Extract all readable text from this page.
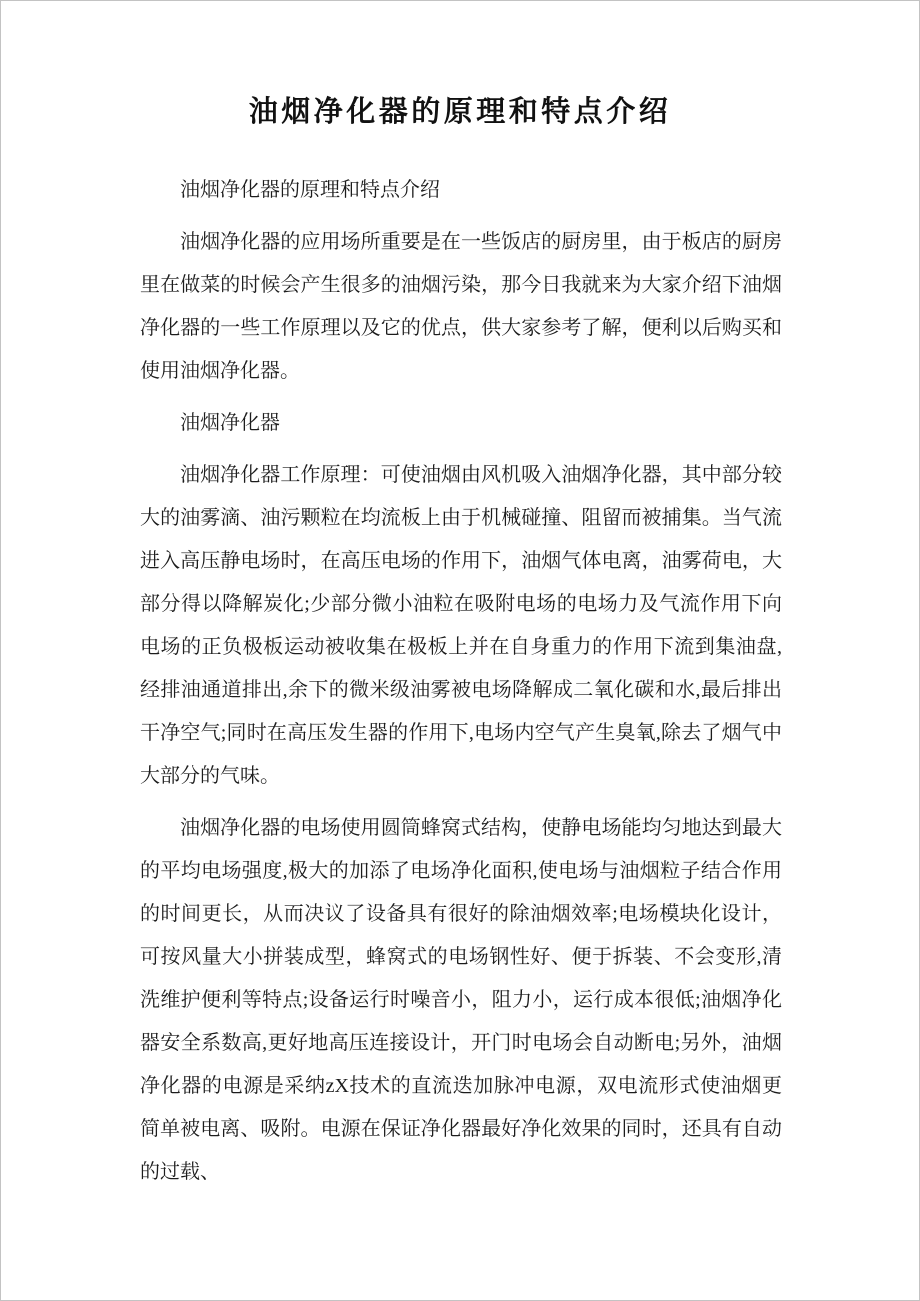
油烟净化器的原理和特点介绍

油烟净化器的原理和特点介绍

油烟净化器的应用场所重要是在一些饭店的厨房里，由于板店的厨房里在做菜的时候会产生很多的油烟污染，那今日我就来为大家介绍下油烟净化器的一些工作原理以及它的优点，供大家参考了解，便利以后购买和使用油烟净化器。

油烟净化器

油烟净化器工作原理：可使油烟由风机吸入油烟净化器，其中部分较大的油雾滴、油污颗粒在均流板上由于机械碰撞、阻留而被捕集。当气流进入高压静电场时，在高压电场的作用下，油烟气体电离，油雾荷电，大部分得以降解炭化;少部分微小油粒在吸附电场的电场力及气流作用下向电场的正负极板运动被收集在极板上并在自身重力的作用下流到集油盘,经排油通道排出,余下的微米级油雾被电场降解成二氧化碳和水,最后排出干净空气;同时在高压发生器的作用下,电场内空气产生臭氧,除去了烟气中大部分的气味。

油烟净化器的电场使用圆筒蜂窝式结构，使静电场能均匀地达到最大的平均电场强度,极大的加添了电场净化面积,使电场与油烟粒子结合作用的时间更长，从而决议了设备具有很好的除油烟效率;电场模块化设计，可按风量大小拼装成型，蜂窝式的电场钢性好、便于拆装、不会变形,清洗维护便利等特点;设备运行时噪音小，阻力小，运行成本很低;油烟净化器安全系数高,更好地高压连接设计，开门时电场会自动断电;另外，油烟净化器的电源是采纳zX技术的直流迭加脉冲电源，双电流形式使油烟更简单被电离、吸附。电源在保证净化器最好净化效果的同时，还具有自动的过载、
